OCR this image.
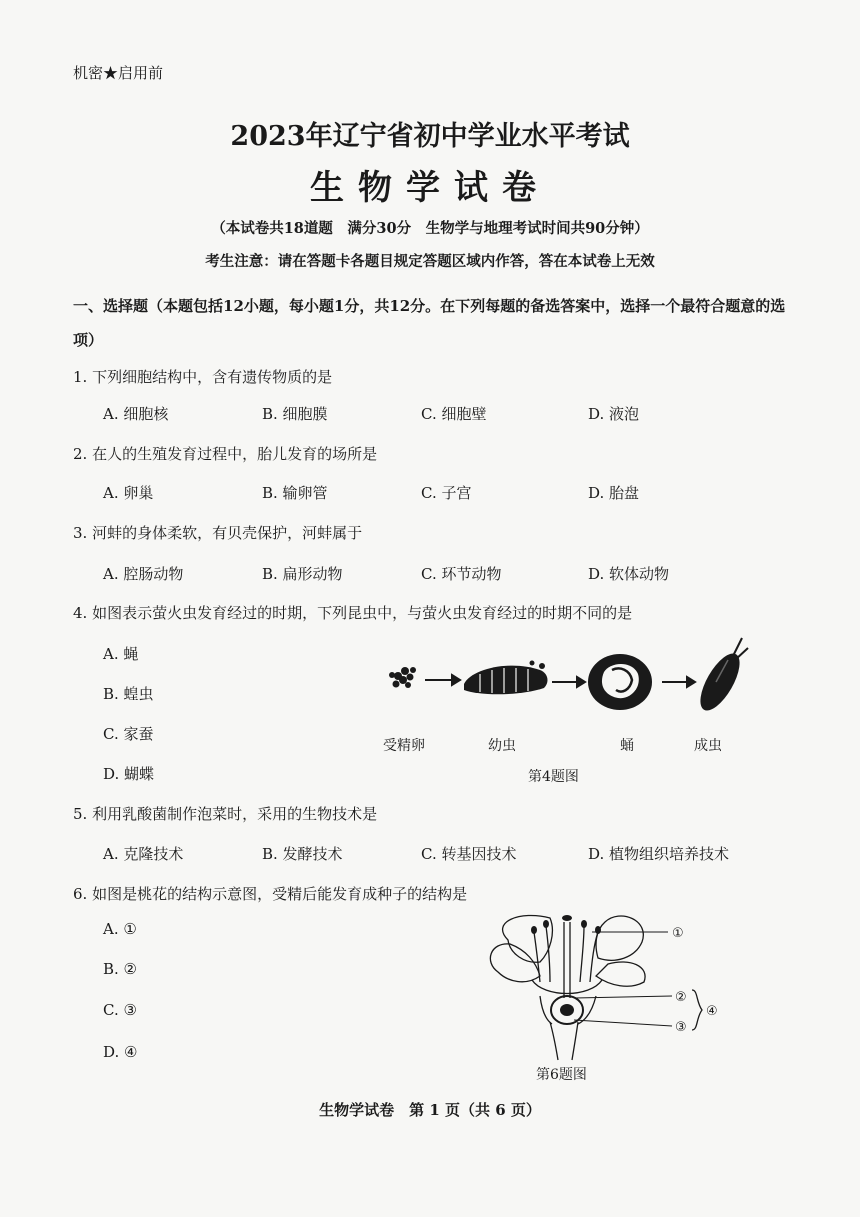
机密★启用前
2023年辽宁省初中学业水平考试
生物学试卷
（本试卷共18道题　满分30分　生物学与地理考试时间共90分钟）
考生注意：请在答题卡各题目规定答题区域内作答，答在本试卷上无效
一、选择题（本题包括12小题，每小题1分，共12分。在下列每题的备选答案中，选择一个最符合题意的选项）
1. 下列细胞结构中，含有遗传物质的是
A. 细胞核	B. 细胞膜	C. 细胞壁	D. 液泡
2. 在人的生殖发育过程中，胎儿发育的场所是
A. 卵巢	B. 输卵管	C. 子宫	D. 胎盘
3. 河蚌的身体柔软，有贝壳保护，河蚌属于
A. 腔肠动物	B. 扁形动物	C. 环节动物	D. 软体动物
4. 如图表示萤火虫发育经过的时期，下列昆虫中，与萤火虫发育经过的时期不同的是
A. 蝇
B. 蝗虫
C. 家蚕
D. 蝴蝶
受精卵	幼虫	蛹	成虫
第4题图
5. 利用乳酸菌制作泡菜时，采用的生物技术是
A. 克隆技术	B. 发酵技术	C. 转基因技术	D. 植物组织培养技术
6. 如图是桃花的结构示意图，受精后能发育成种子的结构是
A. ①
B. ②
C. ③
D. ④
①
②
③
④
第6题图
生物学试卷　第 1 页（共 6 页）
